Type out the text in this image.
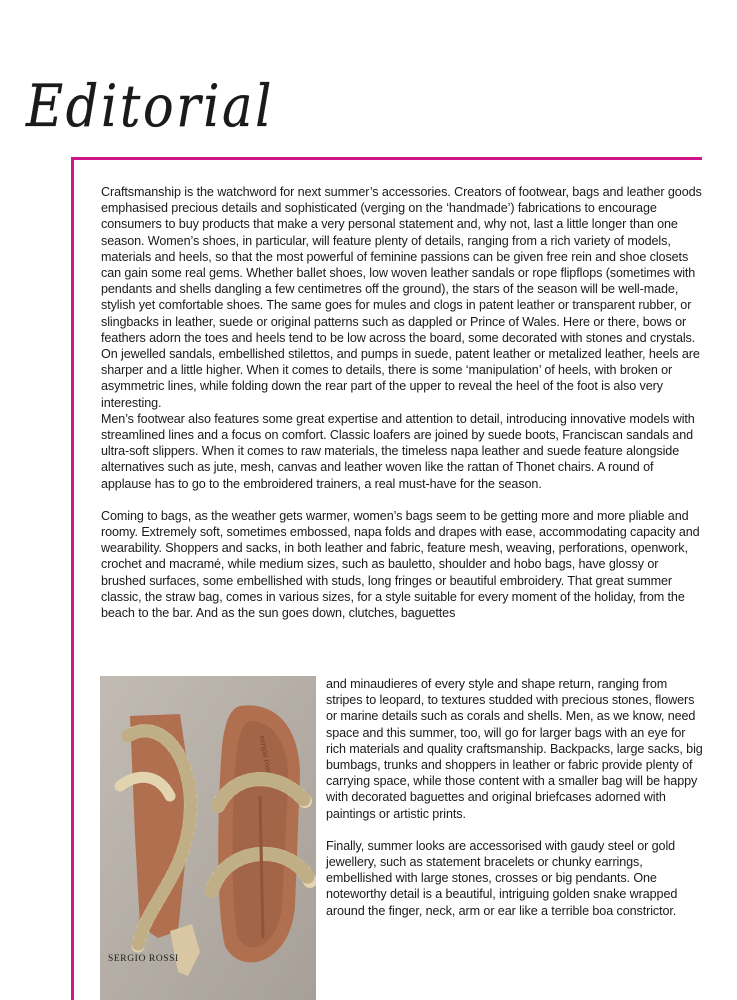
Editorial

Craftsmanship is the watchword for next summer’s accessories. Creators of footwear, bags and leather goods emphasised precious details and sophisticated (verging on the ‘handmade’) fabrications to encourage consumers to buy products that make a very personal statement and, why not, last a little longer than one season. Women’s shoes, in particular, will feature plenty of details, ranging from a rich variety of models, materials and heels, so that the most powerful of feminine passions can be given free rein and shoe closets can gain some real gems. Whether ballet shoes, low woven leather sandals or rope flipflops (sometimes with pendants and shells dangling a few centimetres off the ground), the stars of the season will be well-made, stylish yet comfortable shoes. The same goes for mules and clogs in patent leather or transparent rubber, or slingbacks in leather, suede or original patterns such as dappled or Prince of Wales. Here or there, bows or feathers adorn the toes and heels tend to be low across the board, some decorated with stones and crystals. On jewelled sandals, embellished stilettos, and pumps in suede, patent leather or metalized leather, heels are sharper and a little higher. When it comes to details, there is some ‘manipulation’ of heels, with broken or asymmetric lines, while folding down the rear part of the upper to reveal the heel of the foot is also very interesting.

Men’s footwear also features some great expertise and attention to detail, introducing innovative models with streamlined lines and a focus on comfort. Classic loafers are joined by suede boots, Franciscan sandals and ultra-soft slippers. When it comes to raw materials, the timeless napa leather and suede feature alongside alternatives such as jute, mesh, canvas and leather woven like the rattan of Thonet chairs. A round of applause has to go to the embroidered trainers, a real must-have for the season.

Coming to bags, as the weather gets warmer, women’s bags seem to be getting more and more pliable and roomy. Extremely soft, sometimes embossed, napa folds and drapes with ease, accommodating capacity and wearability. Shoppers and sacks, in both leather and fabric, feature mesh, weaving, perforations, openwork, crochet and macramé, while medium sizes, such as bauletto, shoulder and hobo bags, have glossy or brushed surfaces, some embellished with studs, long fringes or beautiful embroidery. That great summer classic, the straw bag, comes in various sizes, for a style suitable for every moment of the holiday, from the beach to the bar. And as the sun goes down, clutches, baguettes

sergio rossi
SERGIO ROSSI

and minaudieres of every style and shape return, ranging from stripes to leopard, to textures studded with precious stones, flowers or marine details such as corals and shells. Men, as we know, need space and this summer, too, will go for larger bags with an eye for rich materials and quality craftsmanship. Backpacks, large sacks, big bumbags, trunks and shoppers in leather or fabric provide plenty of carrying space, while those content with a smaller bag will be happy with decorated baguettes and original briefcases adorned with paintings or artistic prints.

Finally, summer looks are accessorised with gaudy steel or gold jewellery, such as statement bracelets or chunky earrings, embellished with large stones, crosses or big pendants. One noteworthy detail is a beautiful, intriguing golden snake wrapped around the finger, neck, arm or ear like a terrible boa constrictor.
